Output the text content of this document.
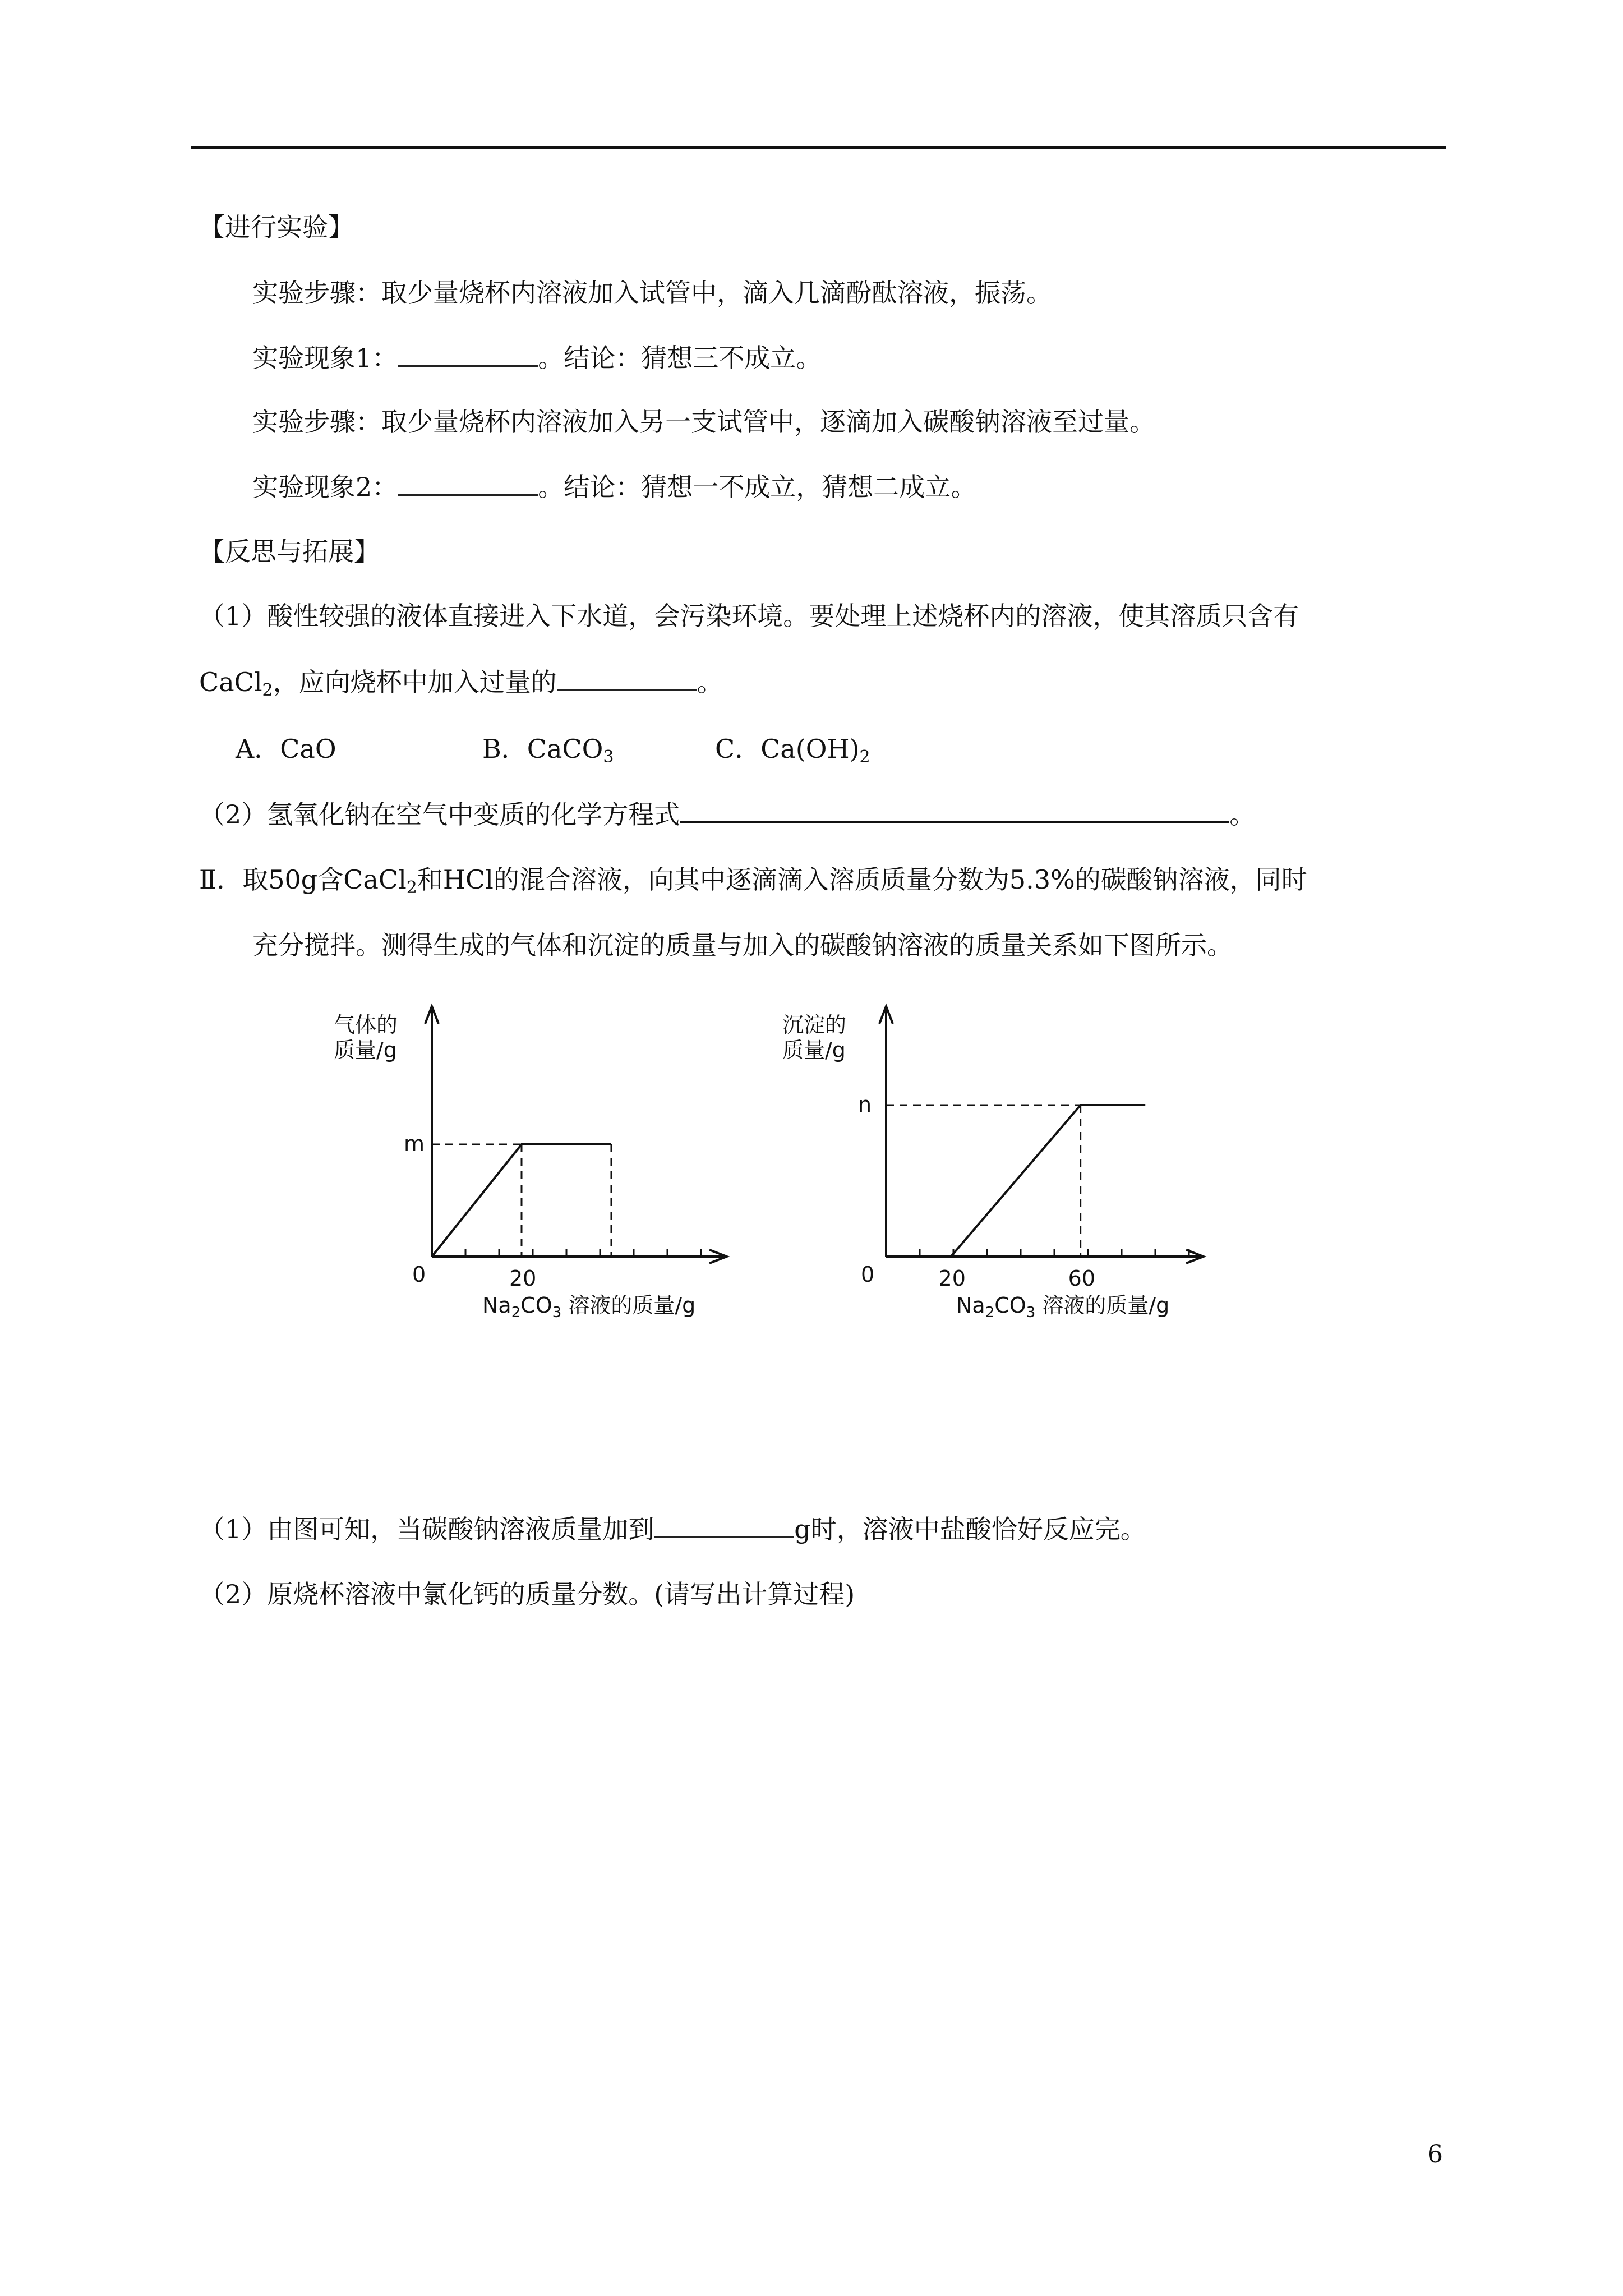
【进行实验】
实验步骤：取少量烧杯内溶液加入试管中，滴入几滴酚酞溶液，振荡。
实验现象1：	。结论：猜想三不成立。
实验步骤：取少量烧杯内溶液加入另一支试管中，逐滴加入碳酸钠溶液至过量。
实验现象2：	。结论：猜想一不成立，猜想二成立。
【反思与拓展】
（1）酸性较强的液体直接进入下水道，会污染环境。要处理上述烧杯内的溶液，使其溶质只含有
CaCl$_2$，应向烧杯中加入过量的	。
A．CaO	B．CaCO$_3$	C．$Ca(OH)_2$
（2）氢氧化钠在空气中变质的化学方程式	。
Ⅱ．取50g含CaCl$_2$和HCl的混合溶液，向其中逐滴滴入溶质质量分数为5.3%的碳酸钠溶液，同时
充分搅拌。测得生成的气体和沉淀的质量与加入的碳酸钠溶液的质量关系如下图所示。
气体的
质量/g
0
$Na_2CO_3$ 溶液的质量/g
m
20
沉淀的
质量/g
0
$Na_2CO_3$ 溶液的质量/g
n
20	60
（1）由图可知，当碳酸钠溶液质量加到	g时，溶液中盐酸恰好反应完。
（2）原烧杯溶液中氯化钙的质量分数。(请写出计算过程)
6
